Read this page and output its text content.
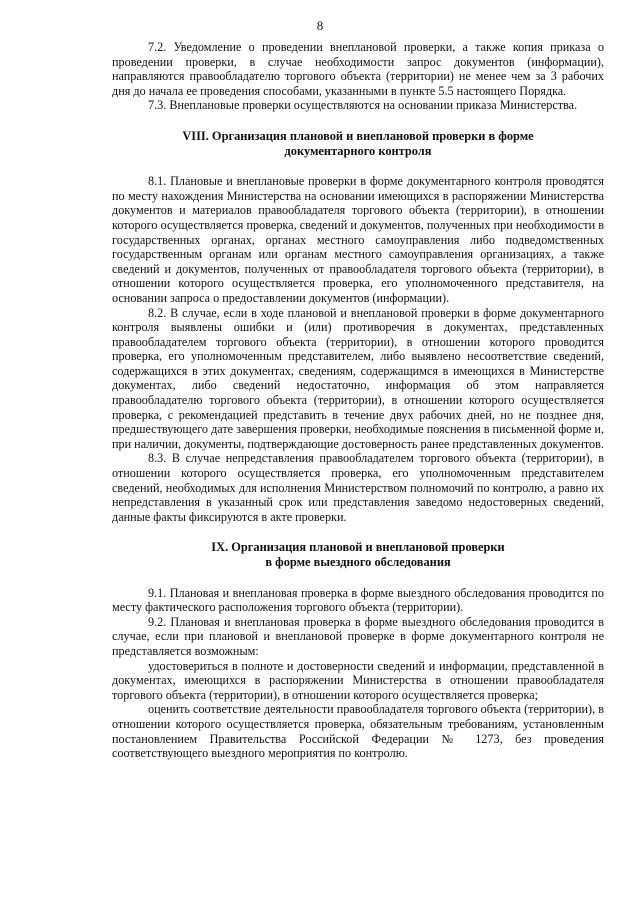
8

7.2. Уведомление о проведении внеплановой проверки, а также копия приказа о проведении проверки, в случае необходимости запрос документов (информации), направляются правообладателю торгового объекта (территории) не менее чем за 3 рабочих дня до начала ее проведения способами, указанными в пункте 5.5 настоящего Порядка.

7.3. Внеплановые проверки осуществляются на основании приказа Министерства.

VIII. Организация плановой и внеплановой проверки в форме
документарного контроля

8.1. Плановые и внеплановые проверки в форме документарного контроля проводятся по месту нахождения Министерства на основании имеющихся в распоряжении Министерства документов и материалов правообладателя торгового объекта (территории), в отношении которого осуществляется проверка, сведений и документов, полученных при необходимости в государственных органах, органах местного самоуправления либо подведомственных государственным органам или органам местного самоуправления организациях, а также сведений и документов, полученных от правообладателя торгового объекта (территории), в отношении которого осуществляется проверка, его уполномоченного представителя, на основании запроса о предоставлении документов (информации).

8.2. В случае, если в ходе плановой и внеплановой проверки в форме документарного контроля выявлены ошибки и (или) противоречия в документах, представленных правообладателем торгового объекта (территории), в отношении которого проводится проверка, его уполномоченным представителем, либо выявлено несоответствие сведений, содержащихся в этих документах, сведениям, содержащимся в имеющихся в Министерстве документах, либо сведений недостаточно, информация об этом направляется правообладателю торгового объекта (территории), в отношении которого осуществляется проверка, с рекомендацией представить в течение двух рабочих дней, но не позднее дня, предшествующего дате завершения проверки, необходимые пояснения в письменной форме и, при наличии, документы, подтверждающие достоверность ранее представленных документов.

8.3. В случае непредставления правообладателем торгового объекта (территории), в отношении которого осуществляется проверка, его уполномоченным представителем сведений, необходимых для исполнения Министерством полномочий по контролю, а равно их непредставления в указанный срок или представления заведомо недостоверных сведений, данные факты фиксируются в акте проверки.

IX. Организация плановой и внеплановой проверки
в форме выездного обследования

9.1. Плановая и внеплановая проверка в форме выездного обследования проводится по месту фактического расположения торгового объекта (территории).

9.2. Плановая и внеплановая проверка в форме выездного обследования проводится в случае, если при плановой и внеплановой проверке в форме документарного контроля не представляется возможным:

удостовериться в полноте и достоверности сведений и информации, представленной в документах, имеющихся в распоряжении Министерства в отношении правообладателя торгового объекта (территории), в отношении которого осуществляется проверка;

оценить соответствие деятельности правообладателя торгового объекта (территории), в отношении которого осуществляется проверка, обязательным требованиям, установленным постановлением Правительства Российской Федерации № 1273, без проведения соответствующего выездного мероприятия по контролю.
